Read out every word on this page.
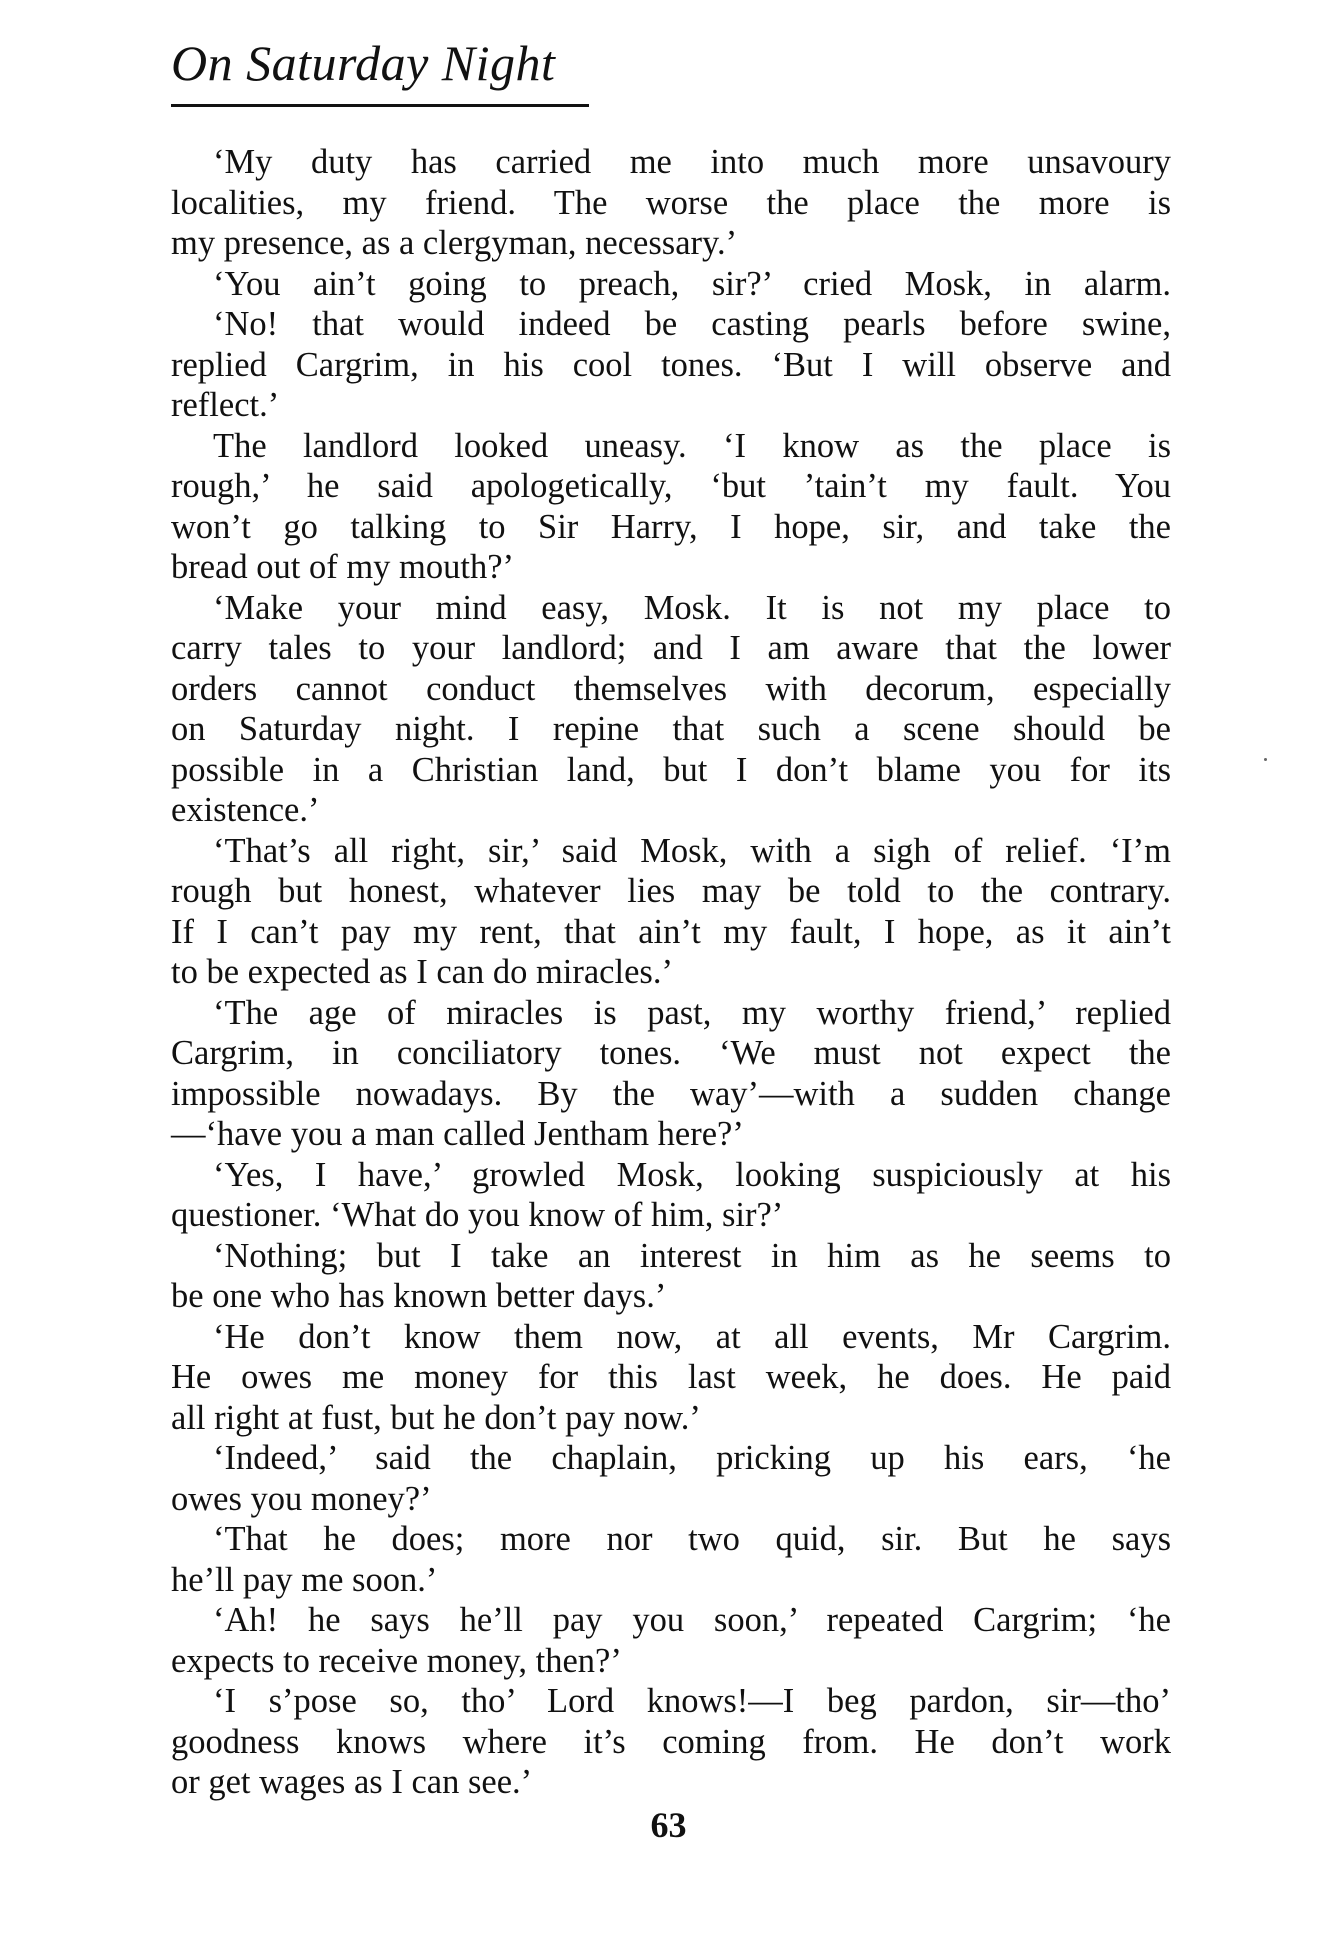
On Saturday Night
‘My duty has carried me into much more unsavoury
localities, my friend. The worse the place the more is
my presence, as a clergyman, necessary.’
‘You ain’t going to preach, sir?’ cried Mosk, in alarm.
‘No! that would indeed be casting pearls before swine,
replied Cargrim, in his cool tones. ‘But I will observe and
reflect.’
The landlord looked uneasy. ‘I know as the place is
rough,’ he said apologetically, ‘but ’tain’t my fault. You
won’t go talking to Sir Harry, I hope, sir, and take the
bread out of my mouth?’
‘Make your mind easy, Mosk. It is not my place to
carry tales to your landlord; and I am aware that the lower
orders cannot conduct themselves with decorum, especially
on Saturday night. I repine that such a scene should be
possible in a Christian land, but I don’t blame you for its
existence.’
‘That’s all right, sir,’ said Mosk, with a sigh of relief. ‘I’m
rough but honest, whatever lies may be told to the contrary.
If I can’t pay my rent, that ain’t my fault, I hope, as it ain’t
to be expected as I can do miracles.’
‘The age of miracles is past, my worthy friend,’ replied
Cargrim, in conciliatory tones. ‘We must not expect the
impossible nowadays. By the way’—with a sudden change
—‘have you a man called Jentham here?’
‘Yes, I have,’ growled Mosk, looking suspiciously at his
questioner. ‘What do you know of him, sir?’
‘Nothing; but I take an interest in him as he seems to
be one who has known better days.’
‘He don’t know them now, at all events, Mr Cargrim.
He owes me money for this last week, he does. He paid
all right at fust, but he don’t pay now.’
‘Indeed,’ said the chaplain, pricking up his ears, ‘he
owes you money?’
‘That he does; more nor two quid, sir. But he says
he’ll pay me soon.’
‘Ah! he says he’ll pay you soon,’ repeated Cargrim; ‘he
expects to receive money, then?’
‘I s’pose so, tho’ Lord knows!—I beg pardon, sir—tho’
goodness knows where it’s coming from. He don’t work
or get wages as I can see.’
63
